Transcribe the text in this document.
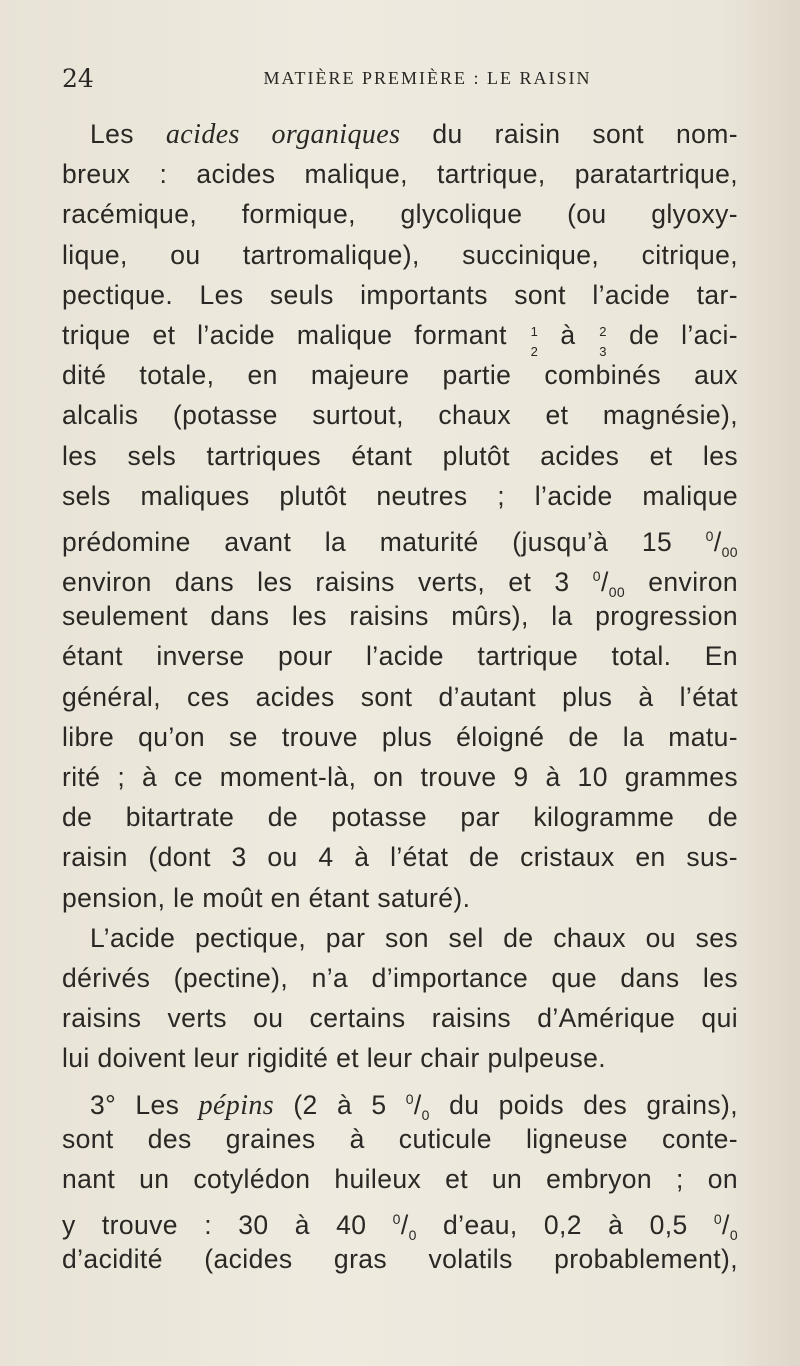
24	MATIÈRE PREMIÈRE : LE RAISIN
Les acides organiques du raisin sont nom-
breux : acides malique, tartrique, paratartrique,
racémique, formique, glycolique (ou glyoxy-
lique, ou tartromalique), succinique, citrique,
pectique. Les seuls importants sont l’acide tar-
trique et l’acide malique formant 1
2
à 2
3
de l’aci-
dité totale, en majeure partie combinés aux
alcalis (potasse surtout, chaux et magnésie),
les sels tartriques étant plutôt acides et les
sels maliques plutôt neutres ; l’acide malique
prédomine avant la maturité (jusqu’à 15 $^0/_{00}$
environ dans les raisins verts, et 3 $^0/_{00}$ environ
seulement dans les raisins mûrs), la progression
étant inverse pour l’acide tartrique total. En
général, ces acides sont d’autant plus à l’état
libre qu’on se trouve plus éloigné de la matu-
rité ; à ce moment-là, on trouve 9 à 10 grammes
de bitartrate de potasse par kilogramme de
raisin (dont 3 ou 4 à l’état de cristaux en sus-
pension, le moût en étant saturé).
L’acide pectique, par son sel de chaux ou ses
dérivés (pectine), n’a d’importance que dans les
raisins verts ou certains raisins d’Amérique qui
lui doivent leur rigidité et leur chair pulpeuse.
3° Les pépins (2 à 5 $^0/_0$ du poids des grains),
sont des graines à cuticule ligneuse conte-
nant un cotylédon huileux et un embryon ; on
y trouve : 30 à 40 $^0/_0$ d’eau, 0,2 à 0,5 $^0/_0$
d’acidité (acides gras volatils probablement),
